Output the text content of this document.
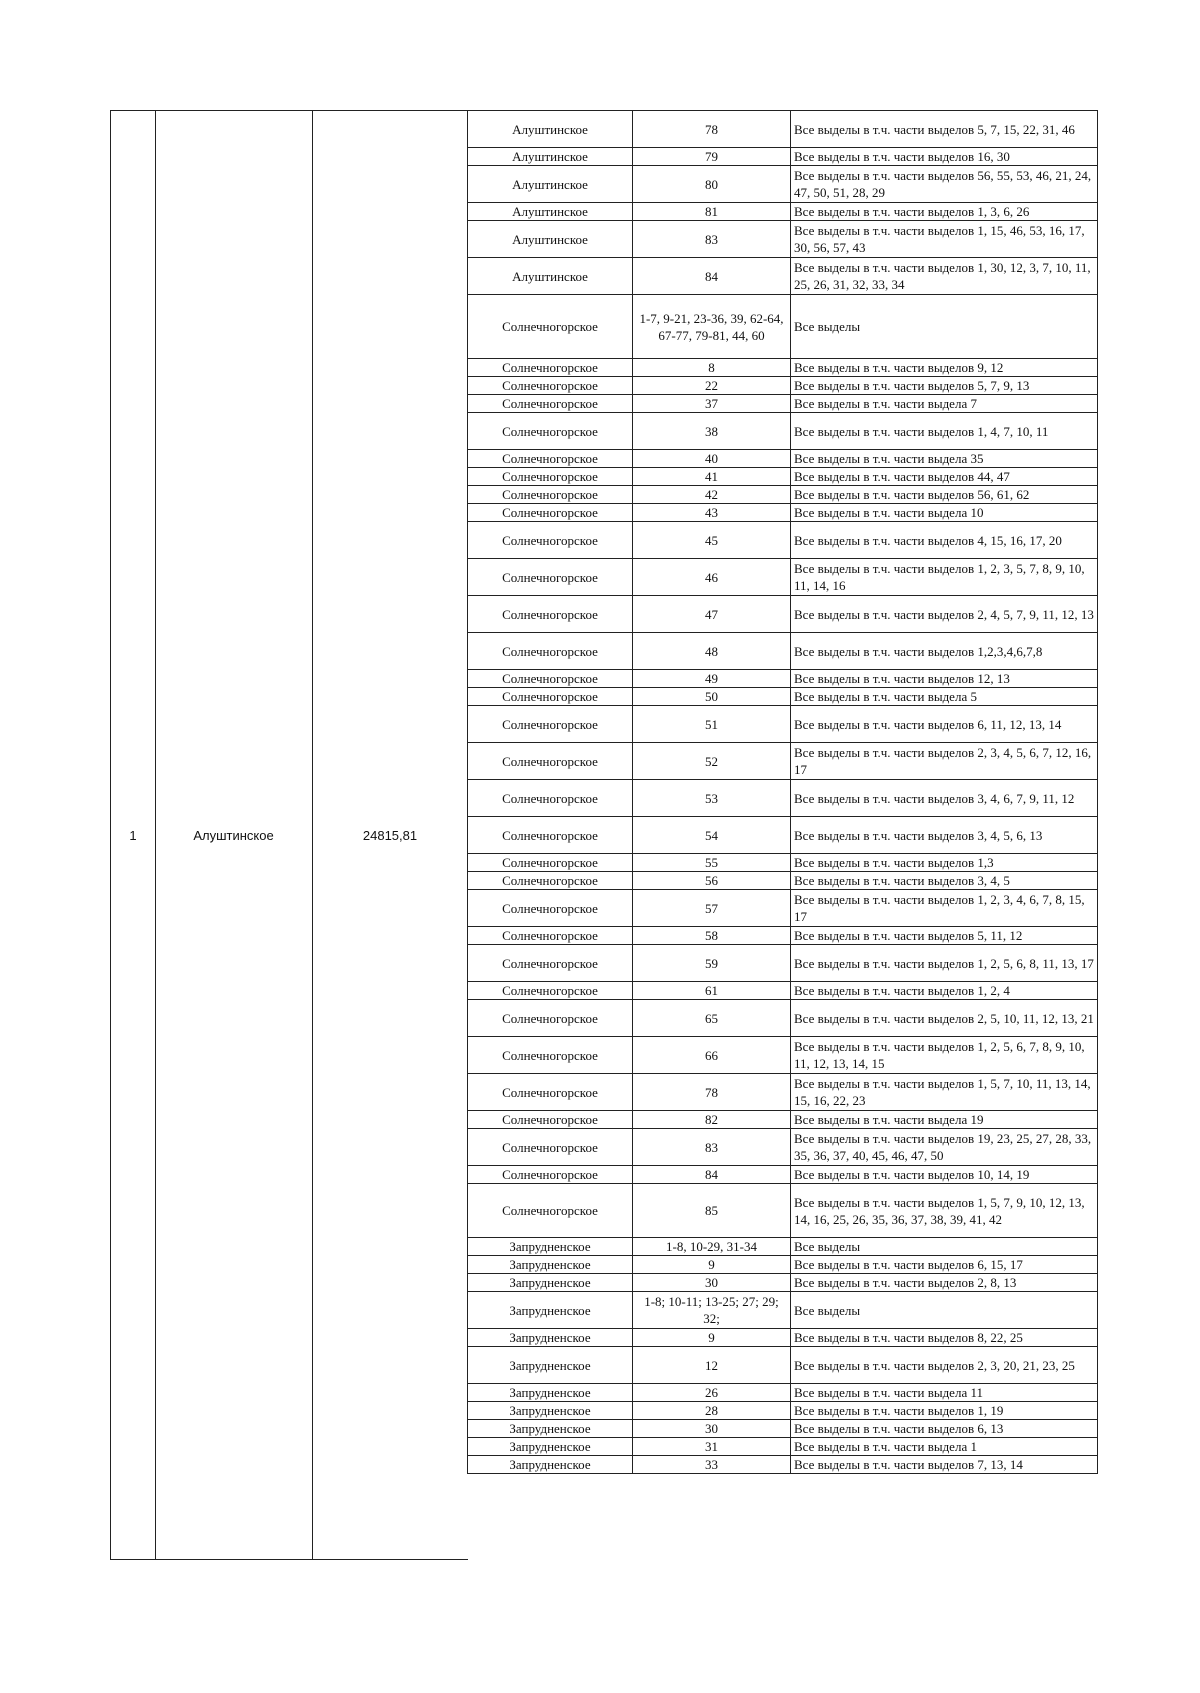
1	Алуштинское	24815,81
Алуштинское	78	Все выделы в т.ч. части выделов 5, 7, 15, 22, 31, 46
Алуштинское	79	Все выделы в т.ч. части выделов 16, 30
Алуштинское	80	Все выделы в т.ч. части выделов 56, 55, 53, 46, 21, 24, 47, 50, 51, 28, 29
Алуштинское	81	Все выделы в т.ч. части выделов 1, 3, 6, 26
Алуштинское	83	Все выделы в т.ч. части выделов 1, 15, 46, 53, 16, 17, 30, 56, 57, 43
Алуштинское	84	Все выделы в т.ч. части выделов 1, 30, 12, 3, 7, 10, 11, 25, 26, 31, 32, 33, 34
Солнечногорское	1-7, 9-21, 23-36, 39, 62-64, 67-77, 79-81, 44, 60	Все выделы
Солнечногорское	8	Все выделы в т.ч. части выделов 9, 12
Солнечногорское	22	Все выделы в т.ч. части выделов 5, 7, 9, 13
Солнечногорское	37	Все выделы в т.ч. части выдела 7
Солнечногорское	38	Все выделы в т.ч. части выделов 1, 4, 7, 10, 11
Солнечногорское	40	Все выделы в т.ч. части выдела 35
Солнечногорское	41	Все выделы в т.ч. части выделов 44, 47
Солнечногорское	42	Все выделы в т.ч. части выделов 56, 61, 62
Солнечногорское	43	Все выделы в т.ч. части выдела 10
Солнечногорское	45	Все выделы в т.ч. части выделов 4, 15, 16, 17, 20
Солнечногорское	46	Все выделы в т.ч. части выделов 1, 2, 3, 5, 7, 8, 9, 10, 11, 14, 16
Солнечногорское	47	Все выделы в т.ч. части выделов 2, 4, 5, 7, 9, 11, 12, 13
Солнечногорское	48	Все выделы в т.ч. части выделов 1,2,3,4,6,7,8
Солнечногорское	49	Все выделы в т.ч. части выделов 12, 13
Солнечногорское	50	Все выделы в т.ч. части выдела 5
Солнечногорское	51	Все выделы в т.ч. части выделов 6, 11, 12, 13, 14
Солнечногорское	52	Все выделы в т.ч. части выделов 2, 3, 4, 5, 6, 7, 12, 16, 17
Солнечногорское	53	Все выделы в т.ч. части выделов 3, 4, 6, 7, 9, 11, 12
Солнечногорское	54	Все выделы в т.ч. части выделов 3, 4, 5, 6, 13
Солнечногорское	55	Все выделы в т.ч. части выделов 1,3
Солнечногорское	56	Все выделы в т.ч. части выделов 3, 4, 5
Солнечногорское	57	Все выделы в т.ч. части выделов 1, 2, 3, 4, 6, 7, 8, 15, 17
Солнечногорское	58	Все выделы в т.ч. части выделов 5, 11, 12
Солнечногорское	59	Все выделы в т.ч. части выделов 1, 2, 5, 6, 8, 11, 13, 17
Солнечногорское	61	Все выделы в т.ч. части выделов 1, 2, 4
Солнечногорское	65	Все выделы в т.ч. части выделов 2, 5, 10, 11, 12, 13, 21
Солнечногорское	66	Все выделы в т.ч. части выделов 1, 2, 5, 6, 7, 8, 9, 10, 11, 12, 13, 14, 15
Солнечногорское	78	Все выделы в т.ч. части выделов 1, 5, 7, 10, 11, 13, 14, 15, 16, 22, 23
Солнечногорское	82	Все выделы в т.ч. части выдела 19
Солнечногорское	83	Все выделы в т.ч. части выделов 19, 23, 25, 27, 28, 33, 35, 36, 37, 40, 45, 46, 47, 50
Солнечногорское	84	Все выделы в т.ч. части выделов 10, 14, 19
Солнечногорское	85	Все выделы в т.ч. части выделов 1, 5, 7, 9, 10, 12, 13, 14, 16, 25, 26, 35, 36, 37, 38, 39, 41, 42
Запрудненское	1-8, 10-29, 31-34	Все выделы
Запрудненское	9	Все выделы в т.ч. части выделов 6, 15, 17
Запрудненское	30	Все выделы в т.ч. части выделов 2, 8, 13
Запрудненское	1-8; 10-11; 13-25; 27; 29; 32;	Все выделы
Запрудненское	9	Все выделы в т.ч. части выделов 8, 22, 25
Запрудненское	12	Все выделы в т.ч. части выделов 2, 3, 20, 21, 23, 25
Запрудненское	26	Все выделы в т.ч. части выдела 11
Запрудненское	28	Все выделы в т.ч. части выделов 1, 19
Запрудненское	30	Все выделы в т.ч. части выделов 6, 13
Запрудненское	31	Все выделы в т.ч. части выдела 1
Запрудненское	33	Все выделы в т.ч. части выделов 7, 13, 14
